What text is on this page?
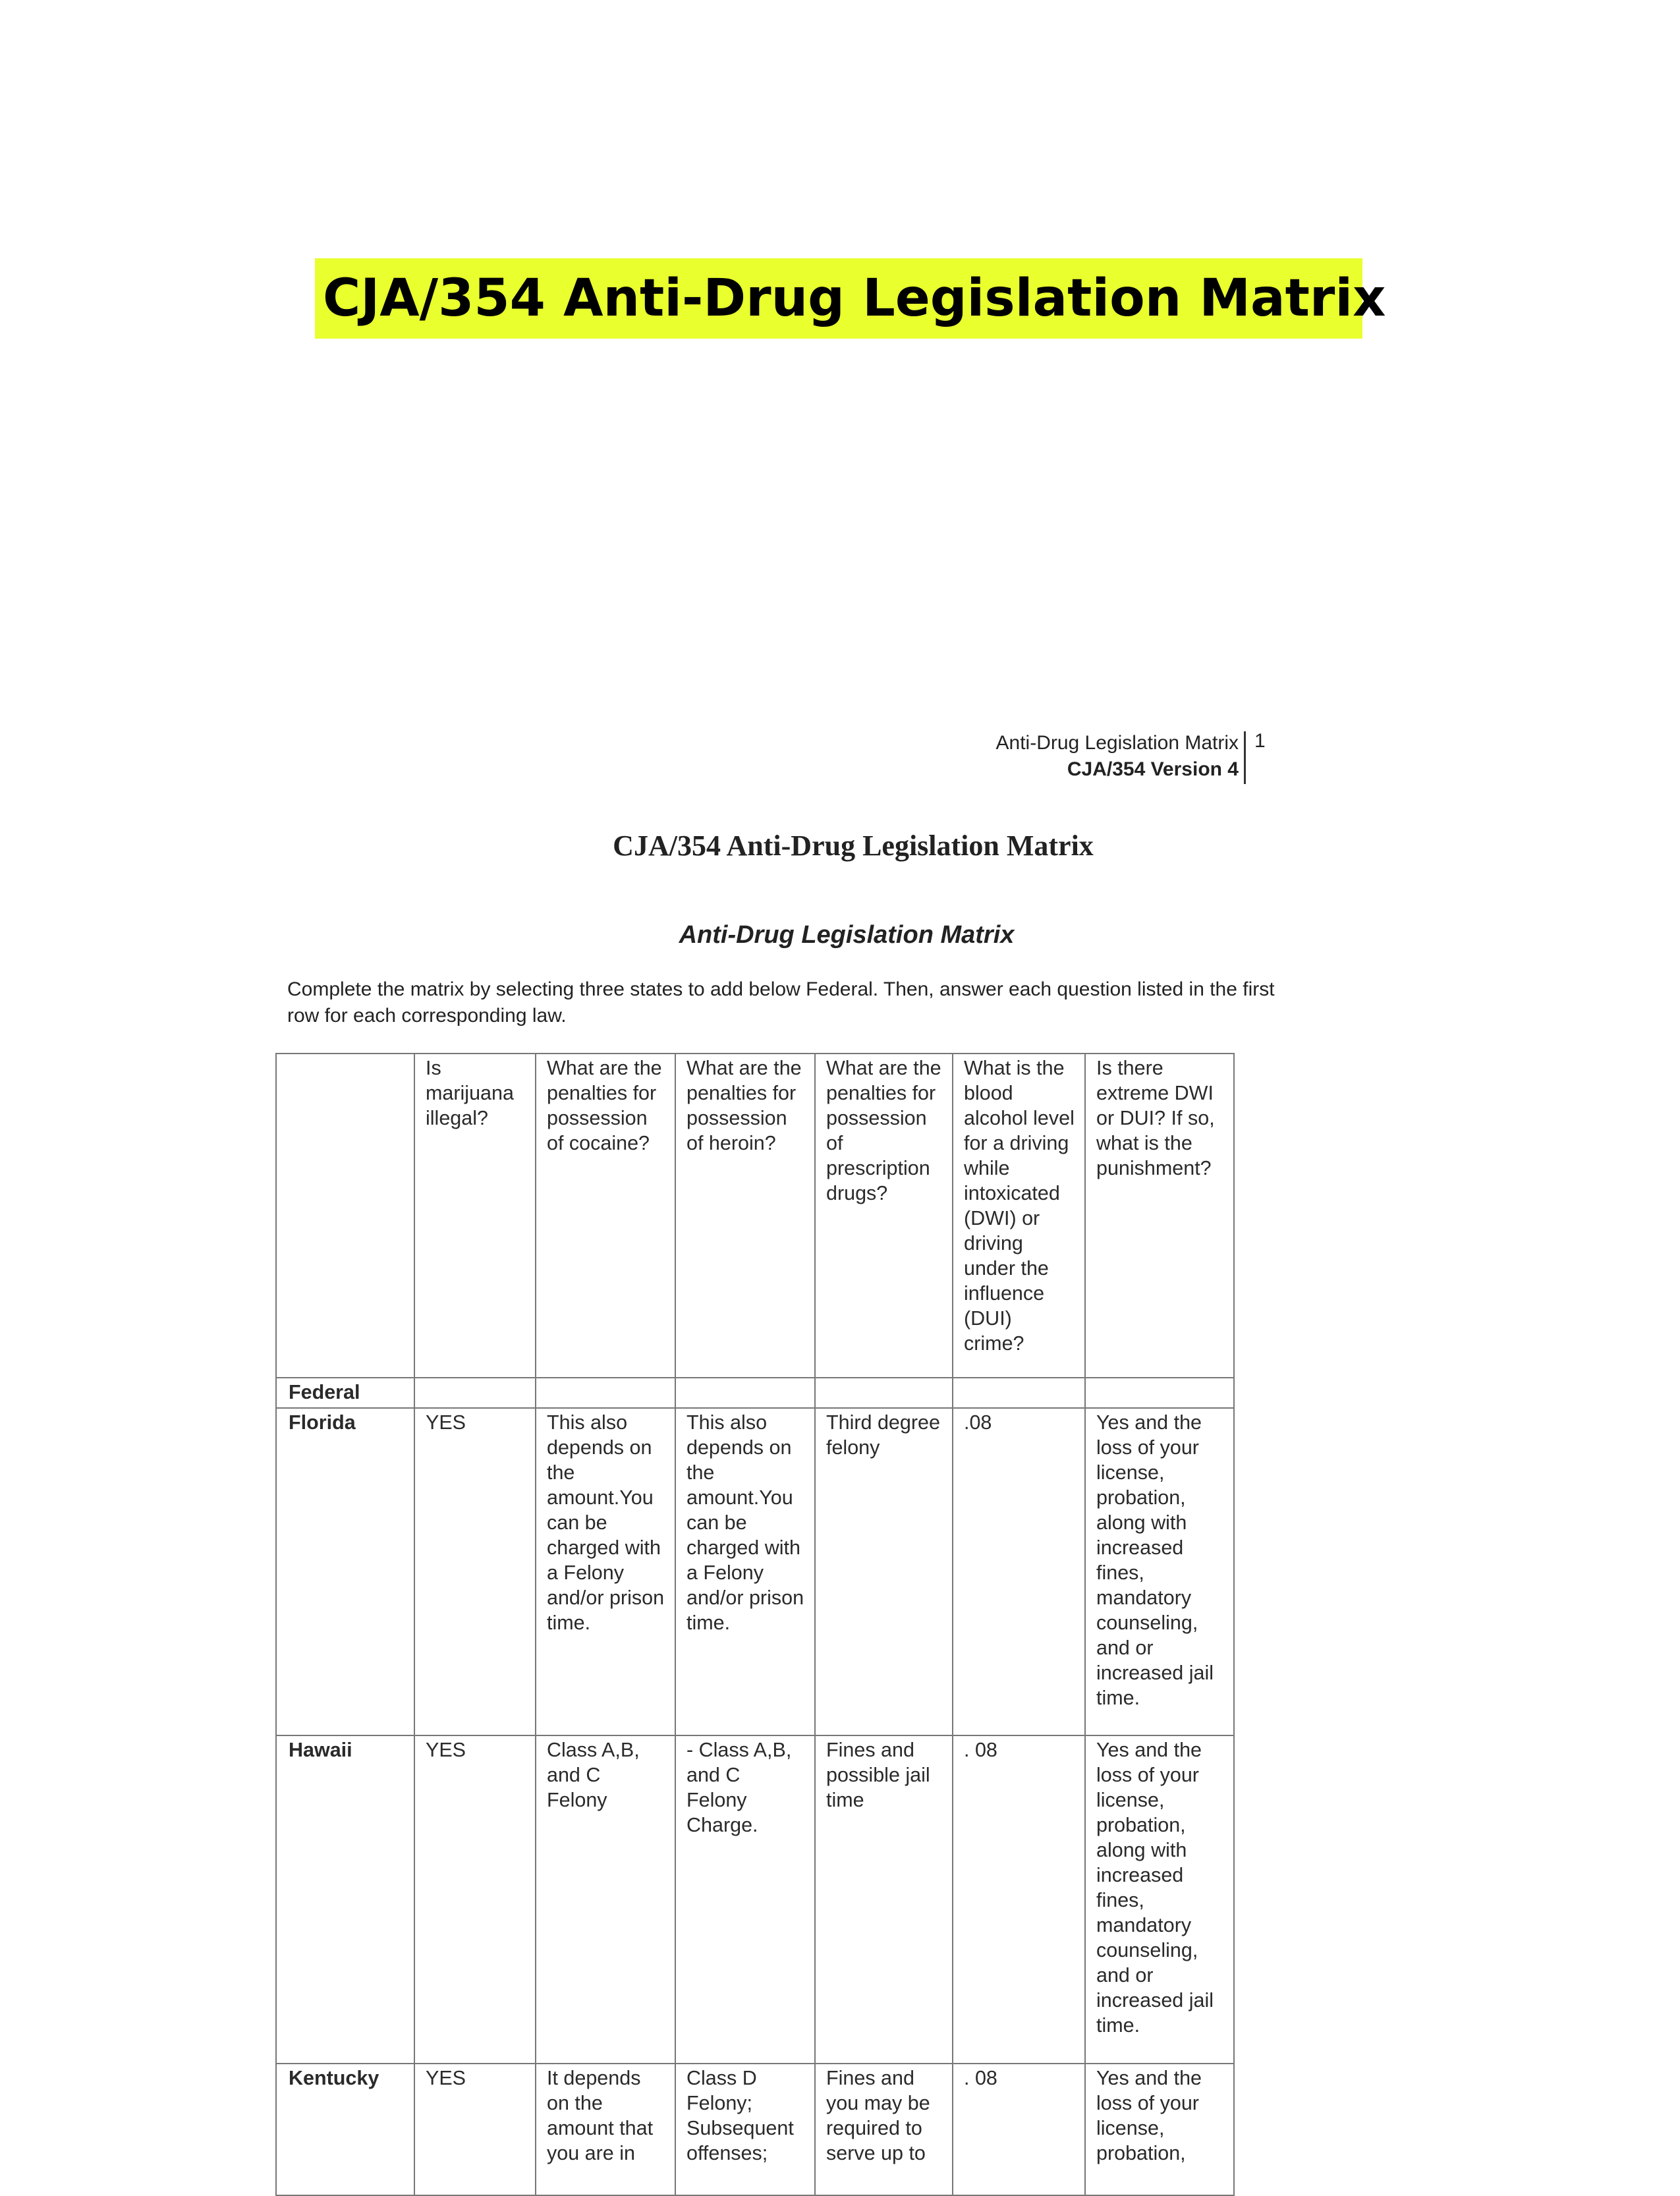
CJA/354 Anti-Drug Legislation Matrix
Anti-Drug Legislation Matrix
CJA/354 Version 4
1
CJA/354 Anti-Drug Legislation Matrix
Anti-Drug Legislation Matrix
Complete the matrix by selecting three states to add below Federal. Then, answer each question listed in the first row for each corresponding law.
	Is marijuana illegal?	What are the penalties for possession of cocaine?	What are the penalties for possession of heroin?	What are the penalties for possession of prescription drugs?	What is the blood alcohol level for a driving while intoxicated (DWI) or driving under the influence (DUI) crime?	Is there extreme DWI or DUI? If so, what is the punishment?
Federal						
Florida	YES	This also depends on the amount.You can be charged with a Felony and/or prison time.	This also depends on the amount.You can be charged with a Felony and/or prison time.	Third degree felony	.08	Yes and the loss of your license, probation, along with increased fines, mandatory counseling, and or increased jail time.
Hawaii	YES	Class A,B, and C Felony	- Class A,B, and C Felony Charge.	Fines and possible jail time	. 08	Yes and the loss of your license, probation, along with increased fines, mandatory counseling, and or increased jail time.
Kentucky	YES	It depends on the amount that you are in	Class D Felony; Subsequent offenses;	Fines and you may be required to serve up to	. 08	Yes and the loss of your license, probation,
